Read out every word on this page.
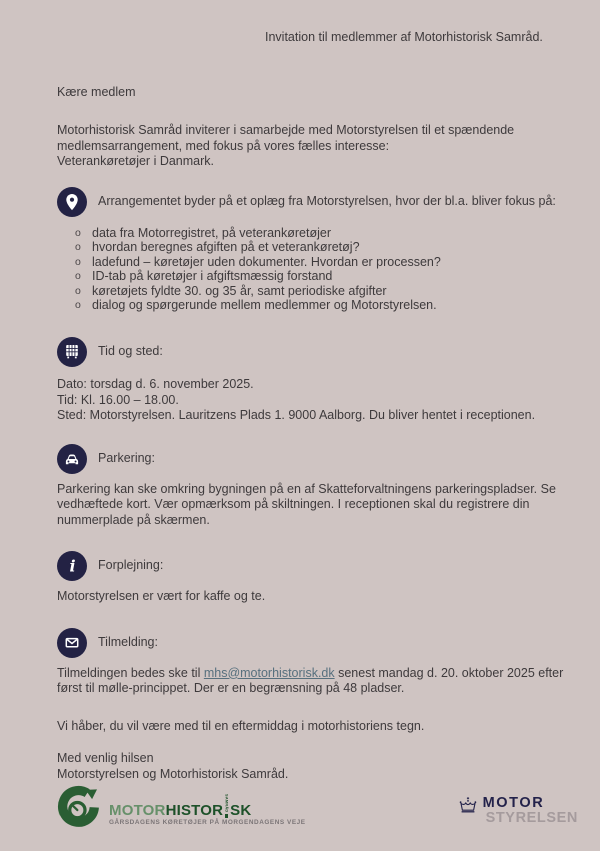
Invitation til medlemmer af Motorhistorisk Samråd.
Kære medlem
Motorhistorisk Samråd inviterer i samarbejde med Motorstyrelsen til et spændende medlemsarrangement, med fokus på vores fælles interesse:
Veterankøretøjer i Danmark.
Arrangementet byder på et oplæg fra Motorstyrelsen, hvor der bl.a. bliver fokus på:
o data fra Motorregistret, på veterankøretøjer
o hvordan beregnes afgiften på et veterankøretøj?
o ladefund – køretøjer uden dokumenter. Hvordan er processen?
o ID-tab på køretøjer i afgiftsmæssig forstand
o køretøjets fyldte 30. og 35 år, samt periodiske afgifter
o dialog og spørgerunde mellem medlemmer og Motorstyrelsen.
Tid og sted:
Dato: torsdag d. 6. november 2025.
Tid: Kl. 16.00 – 18.00.
Sted: Motorstyrelsen. Lauritzens Plads 1. 9000 Aalborg. Du bliver hentet i receptionen.
Parkering:
Parkering kan ske omkring bygningen på en af Skatteforvaltningens parkeringspladser. Se vedhæftede kort. Vær opmærksom på skiltningen. I receptionen skal du registrere din nummerplade på skærmen.
i Forplejning:
Motorstyrelsen er vært for kaffe og te.
Tilmelding:
Tilmeldingen bedes ske til mhs@motorhistorisk.dk senest mandag d. 20. oktober 2025 efter først til mølle-princippet. Der er en begrænsning på 48 pladser.
Vi håber, du vil være med til en eftermiddag i motorhistoriens tegn.
Med venlig hilsen
Motorstyrelsen og Motorhistorisk Samråd.
MOTOR HISTOR SAMRÅD SK
GÅRSDAGENS KØRETØJER PÅ MORGENDAGENS VEJE
MOTOR
STYRELSEN
